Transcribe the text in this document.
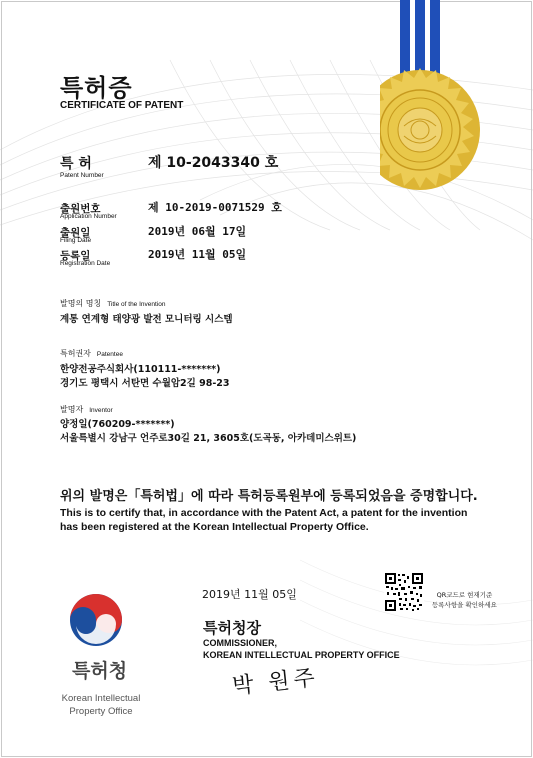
특허증
CERTIFICATE OF PATENT
특 허
Patent Number
제 10-2043340 호
출원번호
Application Number
제 10-2019-0071529 호
출원일
Filing Date
2019년 06월 17일
등록일
Registration Date
2019년 11월 05일
발명의 명칭 Title of the Invention
계통 연계형 태양광 발전 모니터링 시스템
특허권자 Patentee
한양전공주식회사(110111-*******)
경기도 평택시 서탄면 수월암2길 98-23
발명자 Inventor
양정일(760209-*******)
서울특별시 강남구 언주로30길 21, 3605호(도곡동, 아카데미스위트)
위의 발명은「특허법」에 따라 특허등록원부에 등록되었음을 증명합니다.
This is to certify that, in accordance with the Patent Act, a patent for the invention
has been registered at the Korean Intellectual Property Office.
2019년 11월 05일	QR코드로 현재기준
등록사항을 확인하세요
특허청장
COMMISSIONER,
KOREAN INTELLECTUAL PROPERTY OFFICE
박 원주
특허청
Korean Intellectual
Property Office
